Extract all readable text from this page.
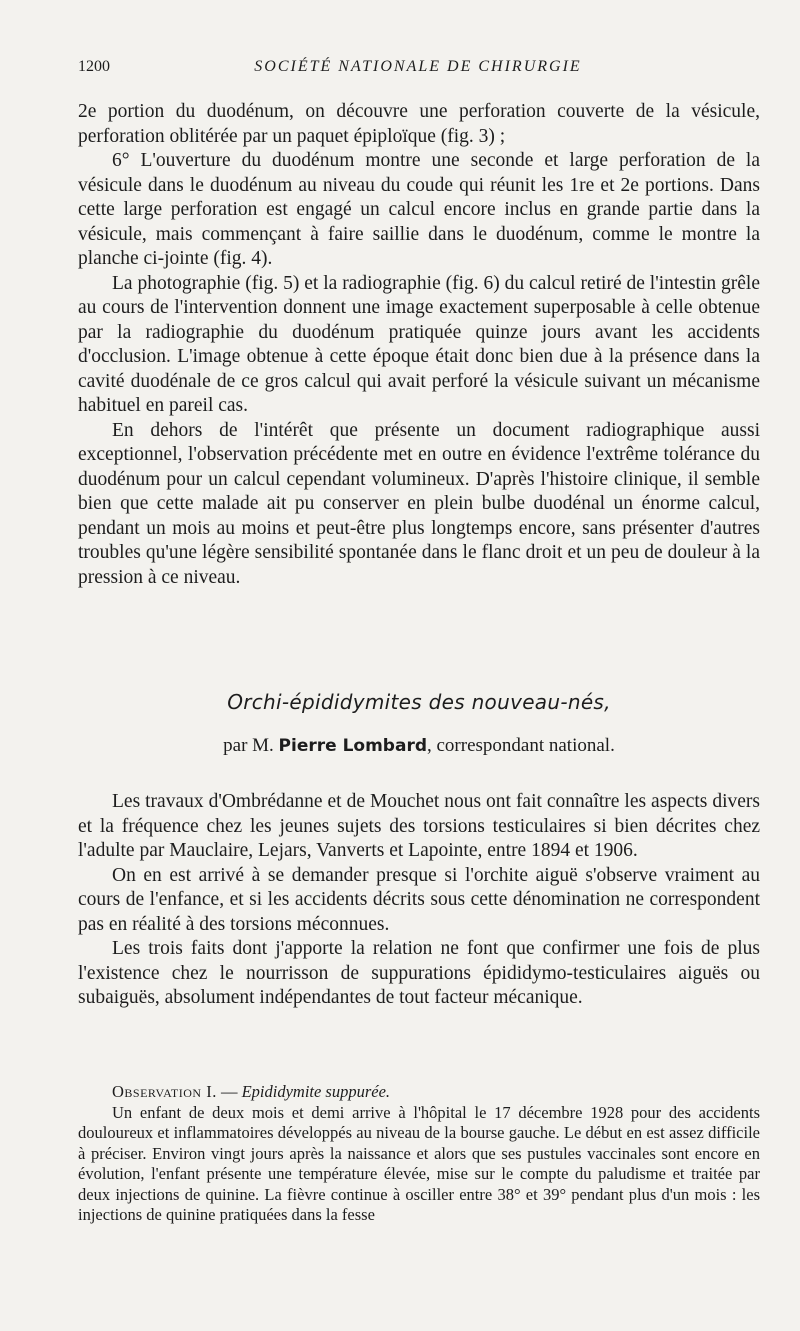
1200	SOCIÉTÉ NATIONALE DE CHIRURGIE

2e portion du duodénum, on découvre une perforation couverte de la vésicule, perforation oblitérée par un paquet épiploïque (fig. 3) ;

6° L'ouverture du duodénum montre une seconde et large perforation de la vésicule dans le duodénum au niveau du coude qui réunit les 1re et 2e portions. Dans cette large perforation est engagé un calcul encore inclus en grande partie dans la vésicule, mais commençant à faire saillie dans le duodénum, comme le montre la planche ci-jointe (fig. 4).

La photographie (fig. 5) et la radiographie (fig. 6) du calcul retiré de l'intestin grêle au cours de l'intervention donnent une image exactement superposable à celle obtenue par la radiographie du duodénum pratiquée quinze jours avant les accidents d'occlusion. L'image obtenue à cette époque était donc bien due à la présence dans la cavité duodénale de ce gros calcul qui avait perforé la vésicule suivant un mécanisme habituel en pareil cas.

En dehors de l'intérêt que présente un document radiographique aussi exceptionnel, l'observation précédente met en outre en évidence l'extrême tolérance du duodénum pour un calcul cependant volumineux. D'après l'histoire clinique, il semble bien que cette malade ait pu conserver en plein bulbe duodénal un énorme calcul, pendant un mois au moins et peut-être plus longtemps encore, sans présenter d'autres troubles qu'une légère sensibilité spontanée dans le flanc droit et un peu de douleur à la pression à ce niveau.

Orchi-épididymites des nouveau-nés,
par M. Pierre Lombard, correspondant national.

Les travaux d'Ombrédanne et de Mouchet nous ont fait connaître les aspects divers et la fréquence chez les jeunes sujets des torsions testiculaires si bien décrites chez l'adulte par Mauclaire, Lejars, Vanverts et Lapointe, entre 1894 et 1906.

On en est arrivé à se demander presque si l'orchite aiguë s'observe vraiment au cours de l'enfance, et si les accidents décrits sous cette dénomination ne correspondent pas en réalité à des torsions méconnues.

Les trois faits dont j'apporte la relation ne font que confirmer une fois de plus l'existence chez le nourrisson de suppurations épididymo-testiculaires aiguës ou subaiguës, absolument indépendantes de tout facteur mécanique.

Observation I. — Epididymite suppurée.

Un enfant de deux mois et demi arrive à l'hôpital le 17 décembre 1928 pour des accidents douloureux et inflammatoires développés au niveau de la bourse gauche. Le début en est assez difficile à préciser. Environ vingt jours après la naissance et alors que ses pustules vaccinales sont encore en évolution, l'enfant présente une température élevée, mise sur le compte du paludisme et traitée par deux injections de quinine. La fièvre continue à osciller entre 38° et 39° pendant plus d'un mois : les injections de quinine pratiquées dans la fesse
